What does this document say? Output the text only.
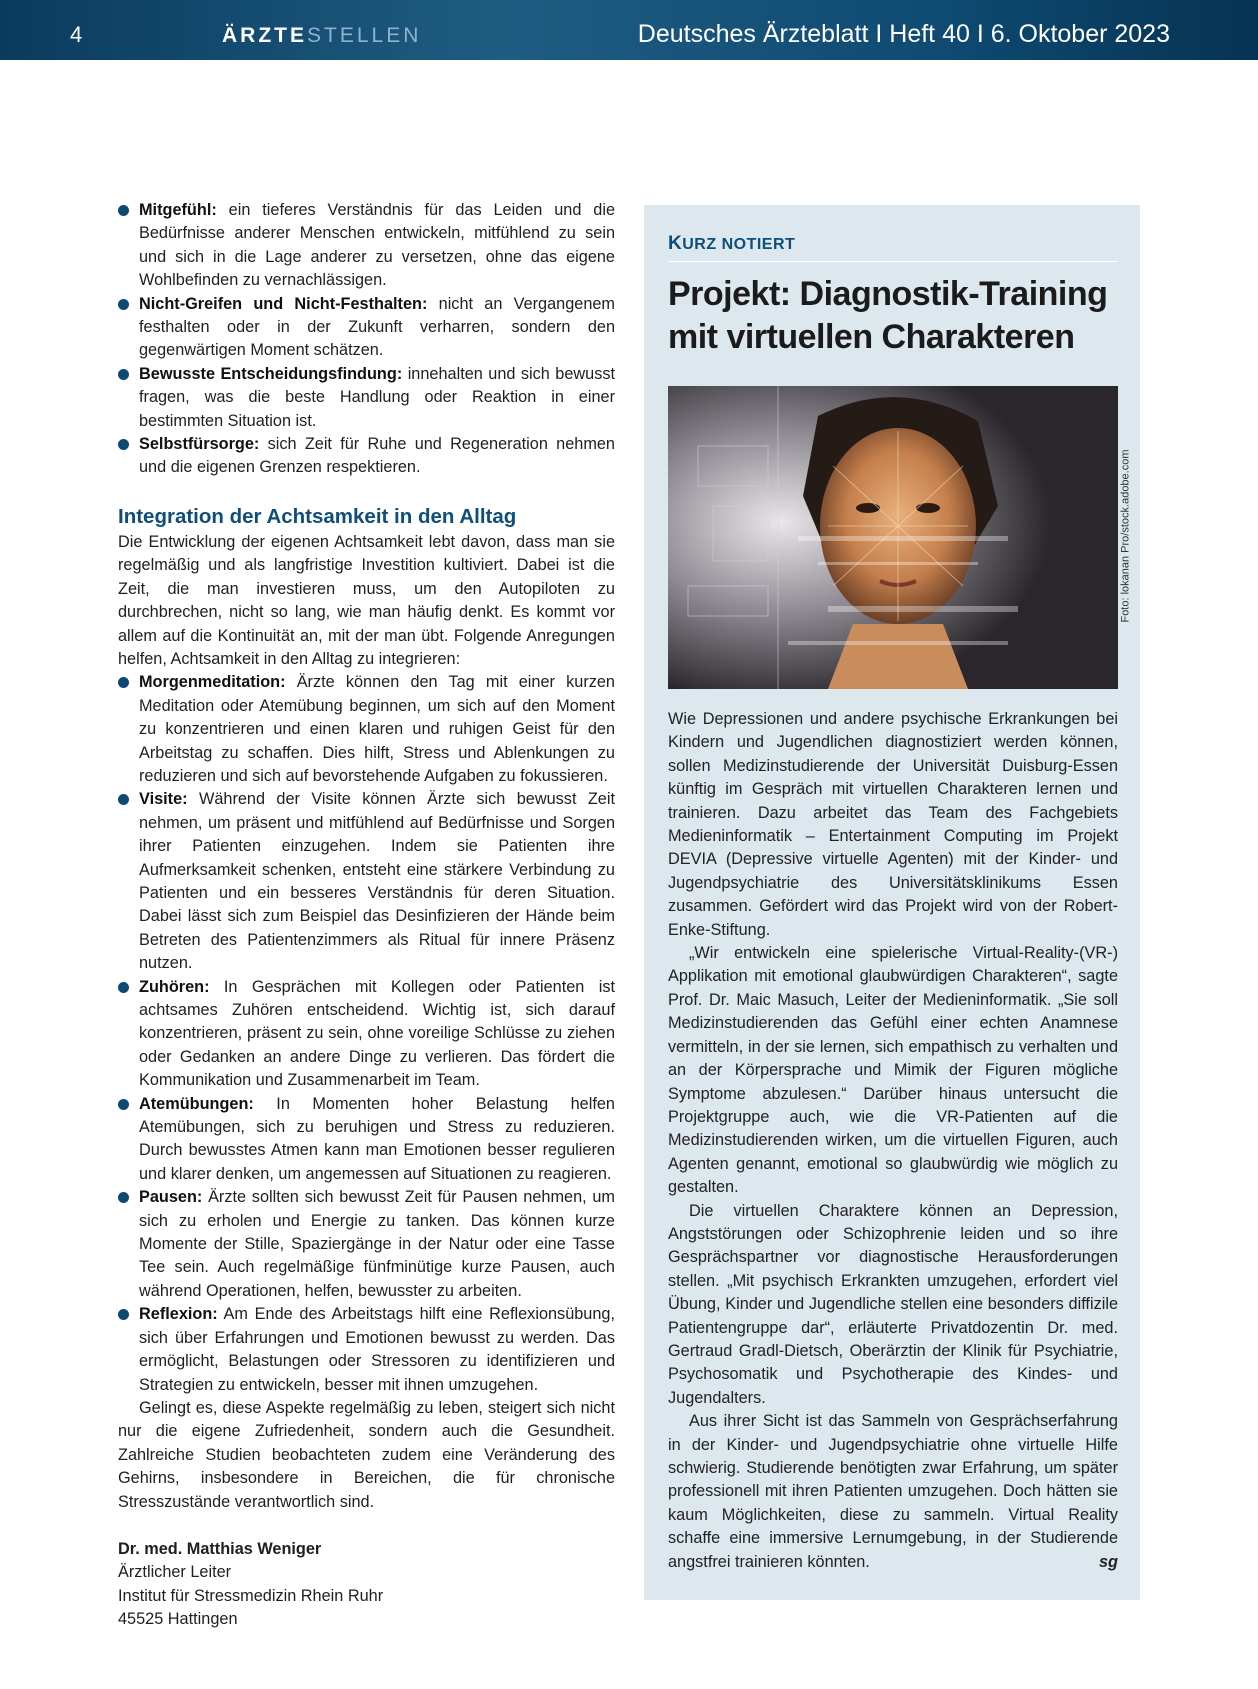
4	ÄRZTESTELLEN	Deutsches Ärzteblatt I Heft 40 I 6. Oktober 2023
Mitgefühl: ein tieferes Verständnis für das Leiden und die Bedürfnisse anderer Menschen entwickeln, mitfühlend zu sein und sich in die Lage anderer zu versetzen, ohne das eigene Wohlbefinden zu vernachlässigen.
Nicht-Greifen und Nicht-Festhalten: nicht an Vergangenem festhalten oder in der Zukunft verharren, sondern den gegenwärtigen Moment schätzen.
Bewusste Entscheidungsfindung: innehalten und sich bewusst fragen, was die beste Handlung oder Reaktion in einer bestimmten Situation ist.
Selbstfürsorge: sich Zeit für Ruhe und Regeneration nehmen und die eigenen Grenzen respektieren.
Integration der Achtsamkeit in den Alltag

Die Entwicklung der eigenen Achtsamkeit lebt davon, dass man sie regelmäßig und als langfristige Investition kultiviert. Dabei ist die Zeit, die man investieren muss, um den Autopiloten zu durchbrechen, nicht so lang, wie man häufig denkt. Es kommt vor allem auf die Kontinuität an, mit der man übt. Folgende Anregungen helfen, Achtsamkeit in den Alltag zu integrieren:

Morgenmeditation: Ärzte können den Tag mit einer kurzen Meditation oder Atemübung beginnen, um sich auf den Moment zu konzentrieren und einen klaren und ruhigen Geist für den Arbeitstag zu schaffen. Dies hilft, Stress und Ablenkungen zu reduzieren und sich auf bevorstehende Aufgaben zu fokussieren.
Visite: Während der Visite können Ärzte sich bewusst Zeit nehmen, um präsent und mitfühlend auf Bedürfnisse und Sorgen ihrer Patienten einzugehen. Indem sie Patienten ihre Aufmerksamkeit schenken, entsteht eine stärkere Verbindung zu Patienten und ein besseres Verständnis für deren Situation. Dabei lässt sich zum Beispiel das Desinfizieren der Hände beim Betreten des Patientenzimmers als Ritual für innere Präsenz nutzen.
Zuhören: In Gesprächen mit Kollegen oder Patienten ist achtsames Zuhören entscheidend. Wichtig ist, sich darauf konzentrieren, präsent zu sein, ohne voreilige Schlüsse zu ziehen oder Gedanken an andere Dinge zu verlieren. Das fördert die Kommunikation und Zusammenarbeit im Team.
Atemübungen: In Momenten hoher Belastung helfen Atemübungen, sich zu beruhigen und Stress zu reduzieren. Durch bewusstes Atmen kann man Emotionen besser regulieren und klarer denken, um angemessen auf Situationen zu reagieren.
Pausen: Ärzte sollten sich bewusst Zeit für Pausen nehmen, um sich zu erholen und Energie zu tanken. Das können kurze Momente der Stille, Spaziergänge in der Natur oder eine Tasse Tee sein. Auch regelmäßige fünfminütige kurze Pausen, auch während Operationen, helfen, bewusster zu arbeiten.
Reflexion: Am Ende des Arbeitstags hilft eine Reflexionsübung, sich über Erfahrungen und Emotionen bewusst zu werden. Das ermöglicht, Belastungen oder Stressoren zu identifizieren und Strategien zu entwickeln, besser mit ihnen umzugehen.

Gelingt es, diese Aspekte regelmäßig zu leben, steigert sich nicht nur die eigene Zufriedenheit, sondern auch die Gesundheit. Zahlreiche Studien beobachteten zudem eine Veränderung des Gehirns, insbesondere in Bereichen, die für chronische Stresszustände verantwortlich sind.

Dr. med. Matthias Weniger
Ärztlicher Leiter
Institut für Stressmedizin Rhein Ruhr
45525 Hattingen
KURZ NOTIERT
Projekt: Diagnostik-Training mit virtuellen Charakteren
Foto: lokanan Pro/stock.adobe.com

Wie Depressionen und andere psychische Erkrankungen bei Kindern und Jugendlichen diagnostiziert werden können, sollen Medizinstudierende der Universität Duisburg-Essen künftig im Gespräch mit virtuellen Charakteren lernen und trainieren. Dazu arbeitet das Team des Fachgebiets Medieninformatik – Entertainment Computing im Projekt DEVIA (Depressive virtuelle Agenten) mit der Kinder- und Jugendpsychiatrie des Universitätsklinikums Essen zusammen. Gefördert wird das Projekt wird von der Robert-Enke-Stiftung.

„Wir entwickeln eine spielerische Virtual-Reality-(VR-) Applikation mit emotional glaubwürdigen Charakteren“, sagte Prof. Dr. Maic Masuch, Leiter der Medieninformatik. „Sie soll Medizinstudierenden das Gefühl einer echten Anamnese vermitteln, in der sie lernen, sich empathisch zu verhalten und an der Körpersprache und Mimik der Figuren mögliche Symptome abzulesen.“ Darüber hinaus untersucht die Projektgruppe auch, wie die VR-Patienten auf die Medizinstudierenden wirken, um die virtuellen Figuren, auch Agenten genannt, emotional so glaubwürdig wie möglich zu gestalten.

Die virtuellen Charaktere können an Depression, Angststörungen oder Schizophrenie leiden und so ihre Gesprächspartner vor diagnostische Herausforderungen stellen. „Mit psychisch Erkrankten umzugehen, erfordert viel Übung, Kinder und Jugendliche stellen eine besonders diffizile Patientengruppe dar“, erläuterte Privatdozentin Dr. med. Gertraud Gradl-Dietsch, Oberärztin der Klinik für Psychiatrie, Psychosomatik und Psychotherapie des Kindes- und Jugendalters.

Aus ihrer Sicht ist das Sammeln von Gesprächserfahrung in der Kinder- und Jugendpsychiatrie ohne virtuelle Hilfe schwierig. Studierende benötigten zwar Erfahrung, um später professionell mit ihren Patienten umzugehen. Doch hätten sie kaum Möglichkeiten, diese zu sammeln. Virtual Reality schaffe eine immersive Lernumgebung, in der Studierende angstfrei trainieren könnten.	sg
